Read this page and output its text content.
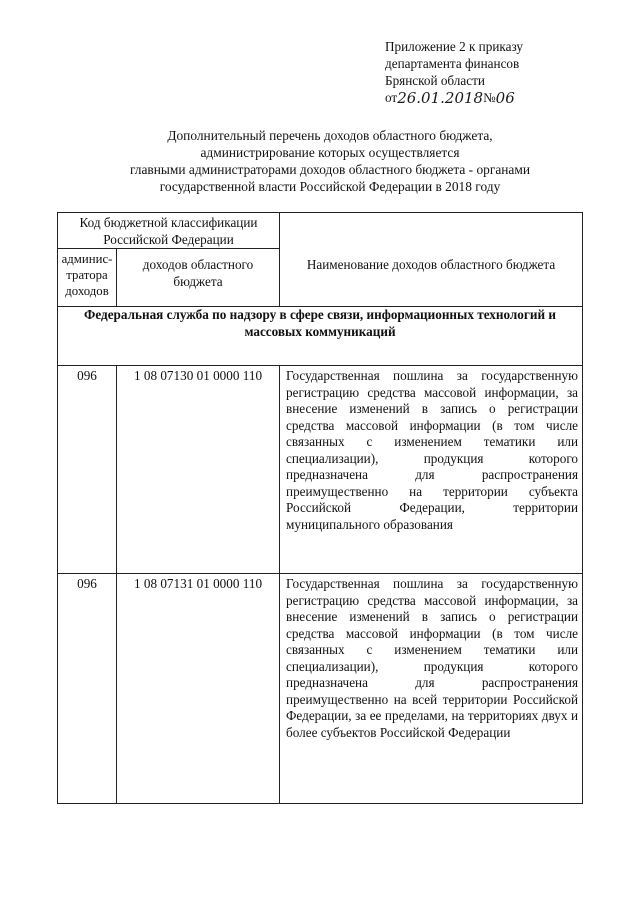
Приложение 2 к приказу
департамента финансов
Брянской области
от 26.01.2018 № 06
Дополнительный перечень доходов областного бюджета,
администрирование которых осуществляется
главными администраторами доходов областного бюджета - органами
государственной власти Российской Федерации в 2018 году
Код бюджетной классификации Российской Федерации		Наименование доходов областного бюджета
админис-тратора доходов	доходов областного бюджета	
Федеральная служба по надзору в сфере связи, информационных технологий и массовых коммуникаций		
096	1 08 07130 01 0000 110	Государственная пошлина за государственную регистрацию средства массовой информации, за внесение изменений в запись о регистрации средства массовой информации (в том числе связанных с изменением тематики или специализации), продукция которого предназначена для распространения преимущественно на территории субъекта Российской Федерации, территории муниципального образования

096	1 08 07131 01 0000 110	Государственная пошлина за государственную регистрацию средства массовой информации, за внесение изменений в запись о регистрации средства массовой информации (в том числе связанных с изменением тематики или специализации), продукция которого предназначена для распространения преимущественно на всей территории Российской Федерации, за ее пределами, на территориях двух и более субъектов Российской Федерации
